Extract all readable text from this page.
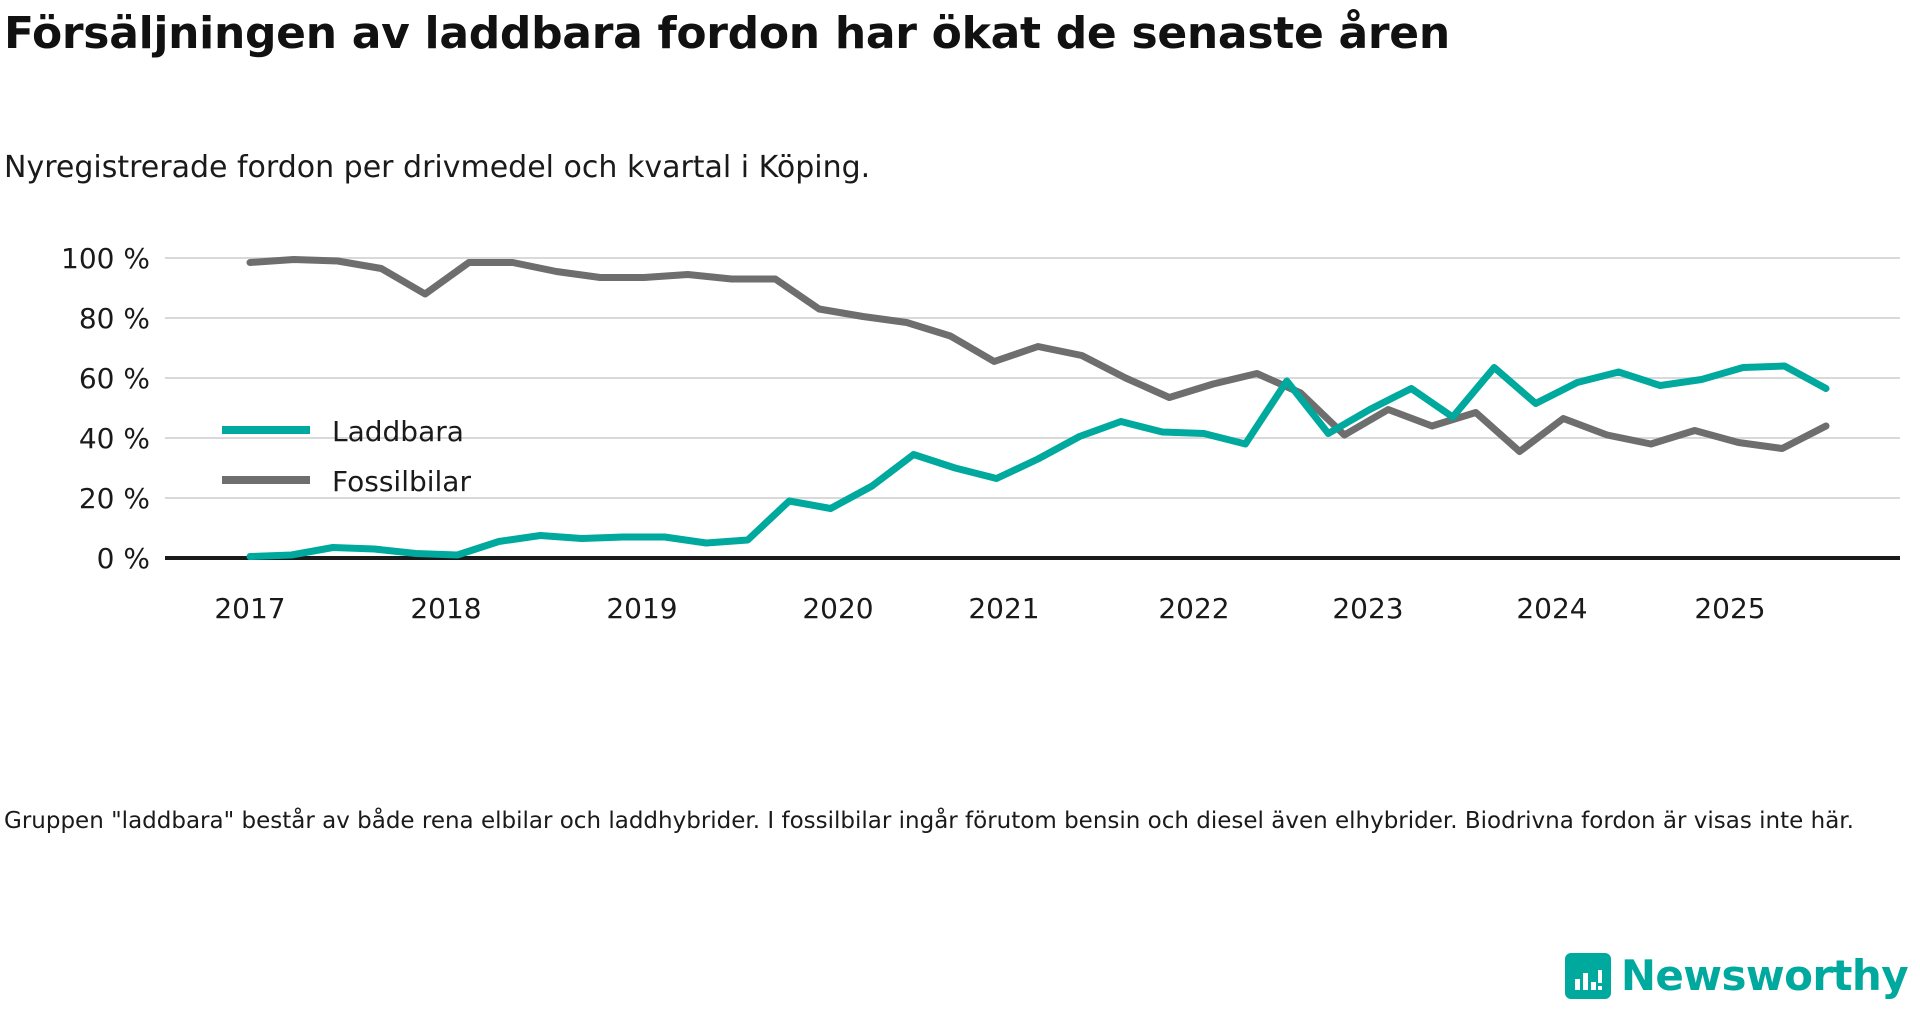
Försäljningen av laddbara fordon har ökat de senaste åren
Nyregistrerade fordon per drivmedel och kvartal i Köping.
100 %
80 %
60 %
40 %
20 %
0 %
2017	2018	2019	2020	2021	2022	2023	2024	2025
Laddbara
Fossilbilar
Gruppen "laddbara" består av både rena elbilar och laddhybrider. I fossilbilar ingår förutom bensin och diesel även elhybrider. Biodrivna fordon är visas inte här.
Newsworthy
